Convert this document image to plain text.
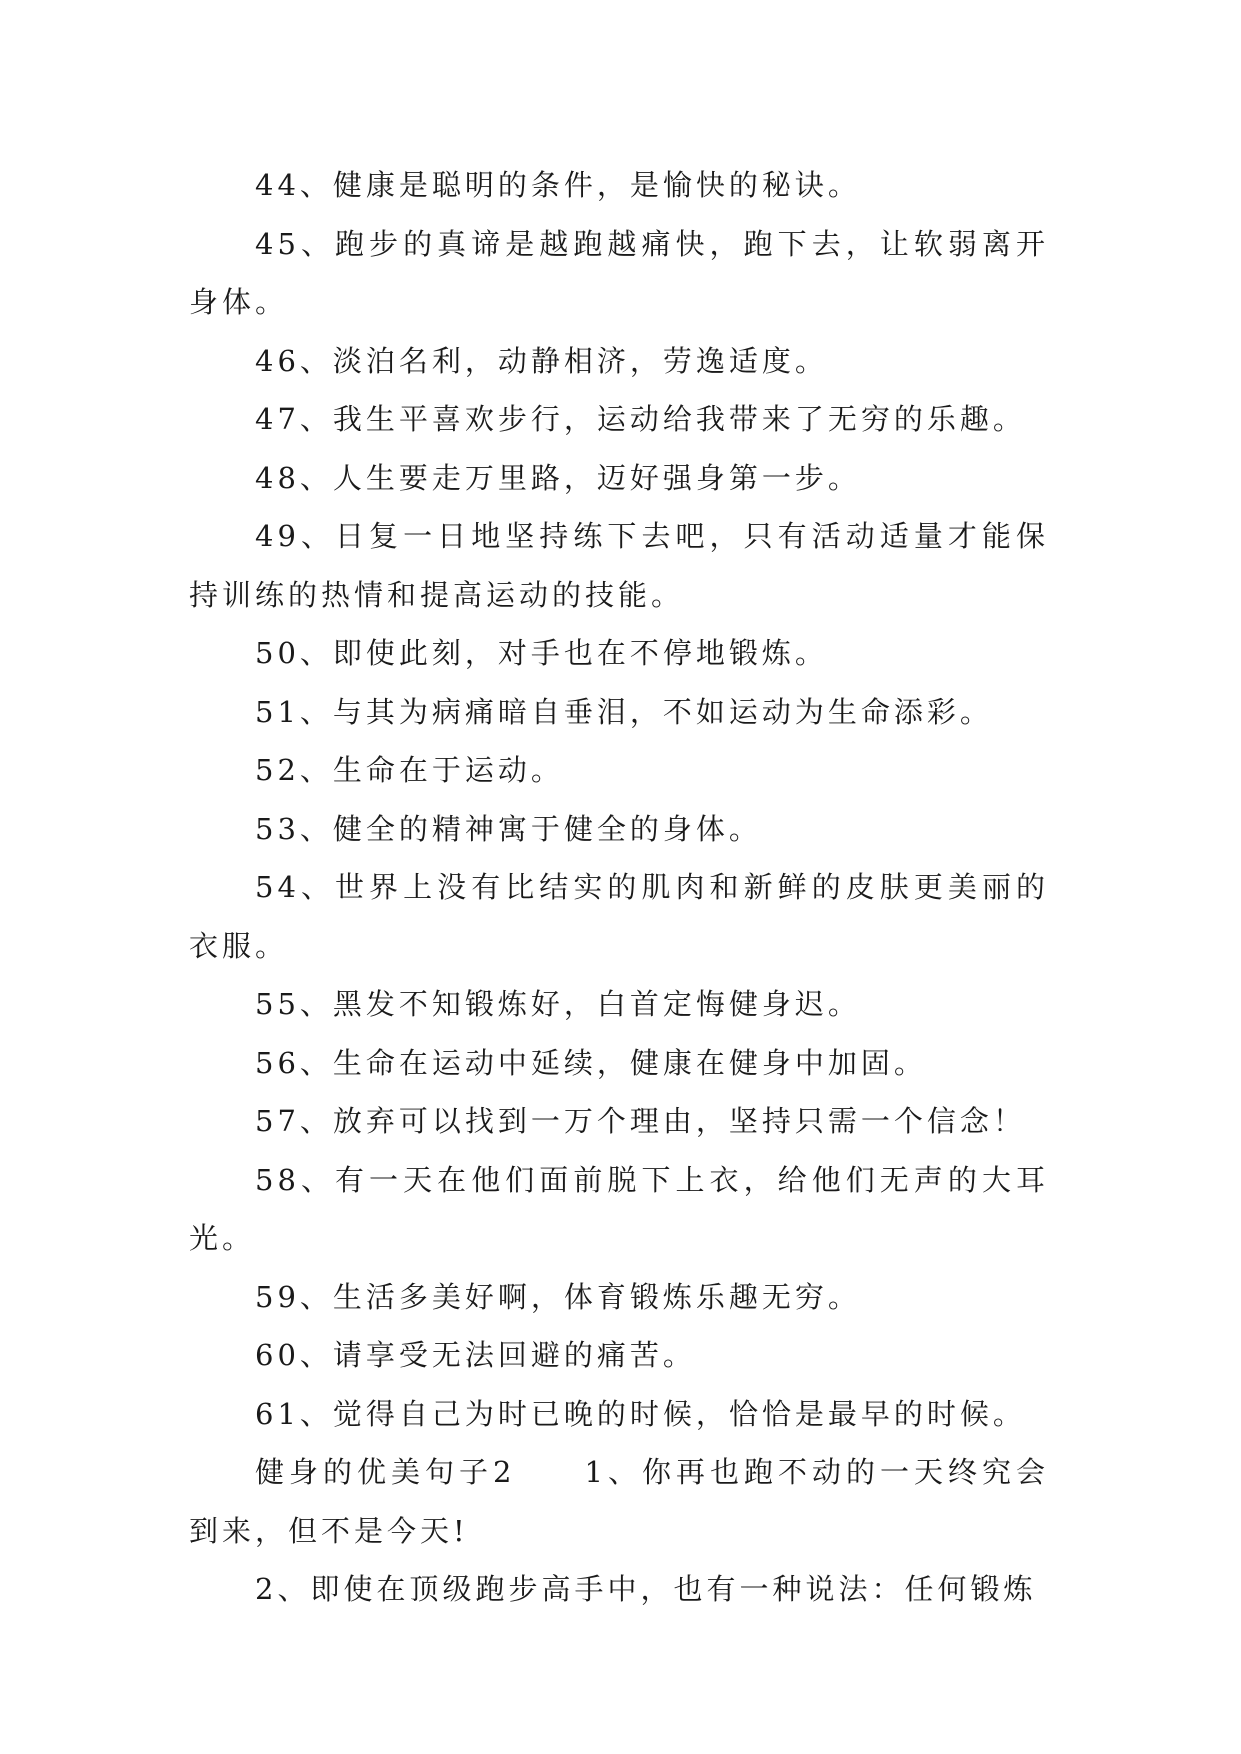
44、健康是聪明的条件，是愉快的秘诀。

45、跑步的真谛是越跑越痛快，跑下去，让软弱离开身体。

46、淡泊名利，动静相济，劳逸适度。

47、我生平喜欢步行，运动给我带来了无穷的乐趣。

48、人生要走万里路，迈好强身第一步。

49、日复一日地坚持练下去吧，只有活动适量才能保持训练的热情和提高运动的技能。

50、即使此刻，对手也在不停地锻炼。

51、与其为病痛暗自垂泪，不如运动为生命添彩。

52、生命在于运动。

53、健全的精神寓于健全的身体。

54、世界上没有比结实的肌肉和新鲜的皮肤更美丽的衣服。

55、黑发不知锻炼好，白首定悔健身迟。

56、生命在运动中延续，健康在健身中加固。

57、放弃可以找到一万个理由，坚持只需一个信念！

58、有一天在他们面前脱下上衣，给他们无声的大耳光。

59、生活多美好啊，体育锻炼乐趣无穷。

60、请享受无法回避的痛苦。

61、觉得自己为时已晚的时候，恰恰是最早的时候。

健身的优美句子2　　1、你再也跑不动的一天终究会到来，但不是今天!

2、即使在顶级跑步高手中，也有一种说法：任何锻炼
